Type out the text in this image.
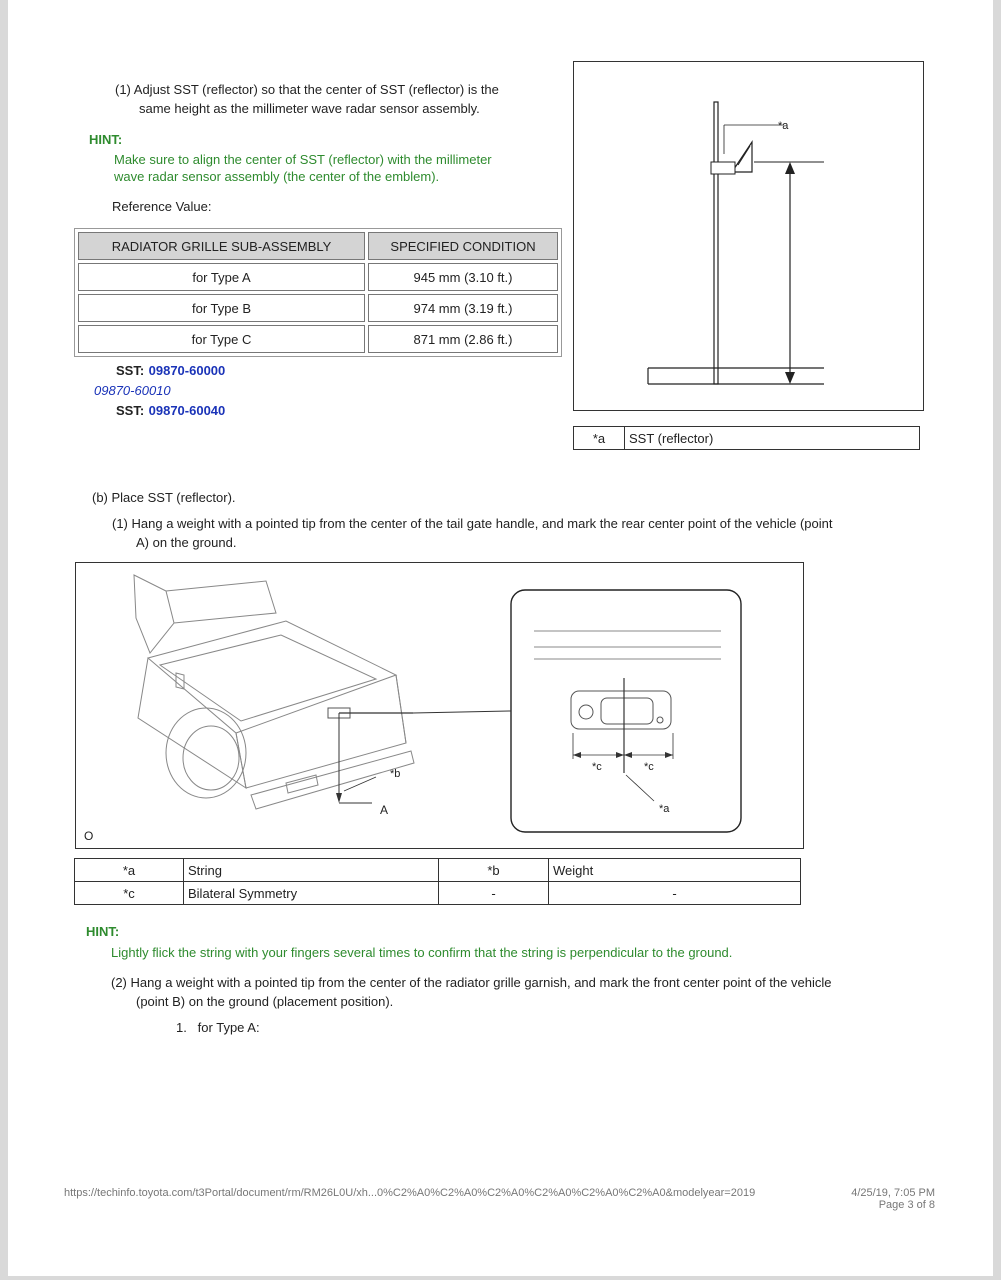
(1) Adjust SST (reflector) so that the center of SST (reflector) is the
same height as the millimeter wave radar sensor assembly.
HINT:
Make sure to align the center of SST (reflector) with the millimeter
wave radar sensor assembly (the center of the emblem).
Reference Value:
RADIATOR GRILLE SUB-ASSEMBLY	SPECIFIED CONDITION
for Type A	945 mm (3.10 ft.)
for Type B	974 mm (3.19 ft.)
for Type C	871 mm (2.86 ft.)
SST: 09870-60000
09870-60010
SST: 09870-60040
*a
*a	SST (reflector)
(b) Place SST (reflector).
(1) Hang a weight with a pointed tip from the center of the tail gate handle, and mark the rear center point of the vehicle (point
A) on the ground.
*b
A
*c	*c
*a
O
*a	String	*b	Weight
*c	Bilateral Symmetry	-	-
HINT:
Lightly flick the string with your fingers several times to confirm that the string is perpendicular to the ground.
(2) Hang a weight with a pointed tip from the center of the radiator grille garnish, and mark the front center point of the vehicle
(point B) on the ground (placement position).
1.   for Type A:
https://techinfo.toyota.com/t3Portal/document/rm/RM26L0U/xh...0%C2%A0%C2%A0%C2%A0%C2%A0%C2%A0%C2%A0&modelyear=2019	4/25/19, 7:05 PM
Page 3 of 8
